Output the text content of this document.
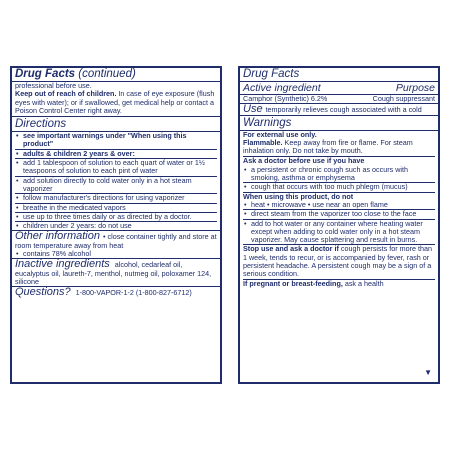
Drug Facts (continued)
professional before use.
Keep out of reach of children. In case of eye exposure (flush eyes with water); or if swallowed, get medical help or contact a Poison Control Center right away.
Directions
• see important warnings under "When using this product"
• adults & children 2 years & over:
• add 1 tablespoon of solution to each quart of water or 1½ teaspoons of solution to each pint of water
• add solution directly to cold water only in a hot steam vaporizer
• follow manufacturer's directions for using vaporizer
• breathe in the medicated vapors
• use up to three times daily or as directed by a doctor.
• children under 2 years: do not use
Other information • close container tightly and store at room temperature away from heat
• contains 78% alcohol
Inactive ingredients alcohol, cedarleaf oil, eucalyptus oil, laureth-7, menthol, nutmeg oil, poloxamer 124, silicone
Questions? 1-800-VAPOR-1-2 (1-800-827-6712)
Drug Facts
Active ingredient	Purpose
Camphor (Synthetic) 6.2%	Cough suppressant
Use temporarily relieves cough associated with a cold
Warnings
For external use only.
Flammable. Keep away from fire or flame. For steam inhalation only. Do not take by mouth.
Ask a doctor before use if you have
• a persistent or chronic cough such as occurs with smoking, asthma or emphysema
• cough that occurs with too much phlegm (mucus)
When using this product, do not
• heat • microwave • use near an open flame
• direct steam from the vaporizer too close to the face
• add to hot water or any container where heating water except when adding to cold water only in a hot steam vaporizer. May cause splattering and result in burns.
Stop use and ask a doctor if cough persists for more than 1 week, tends to recur, or is accompanied by fever, rash or persistent headache. A persistent cough may be a sign of a serious condition.
If pregnant or breast-feeding, ask a health
▼
